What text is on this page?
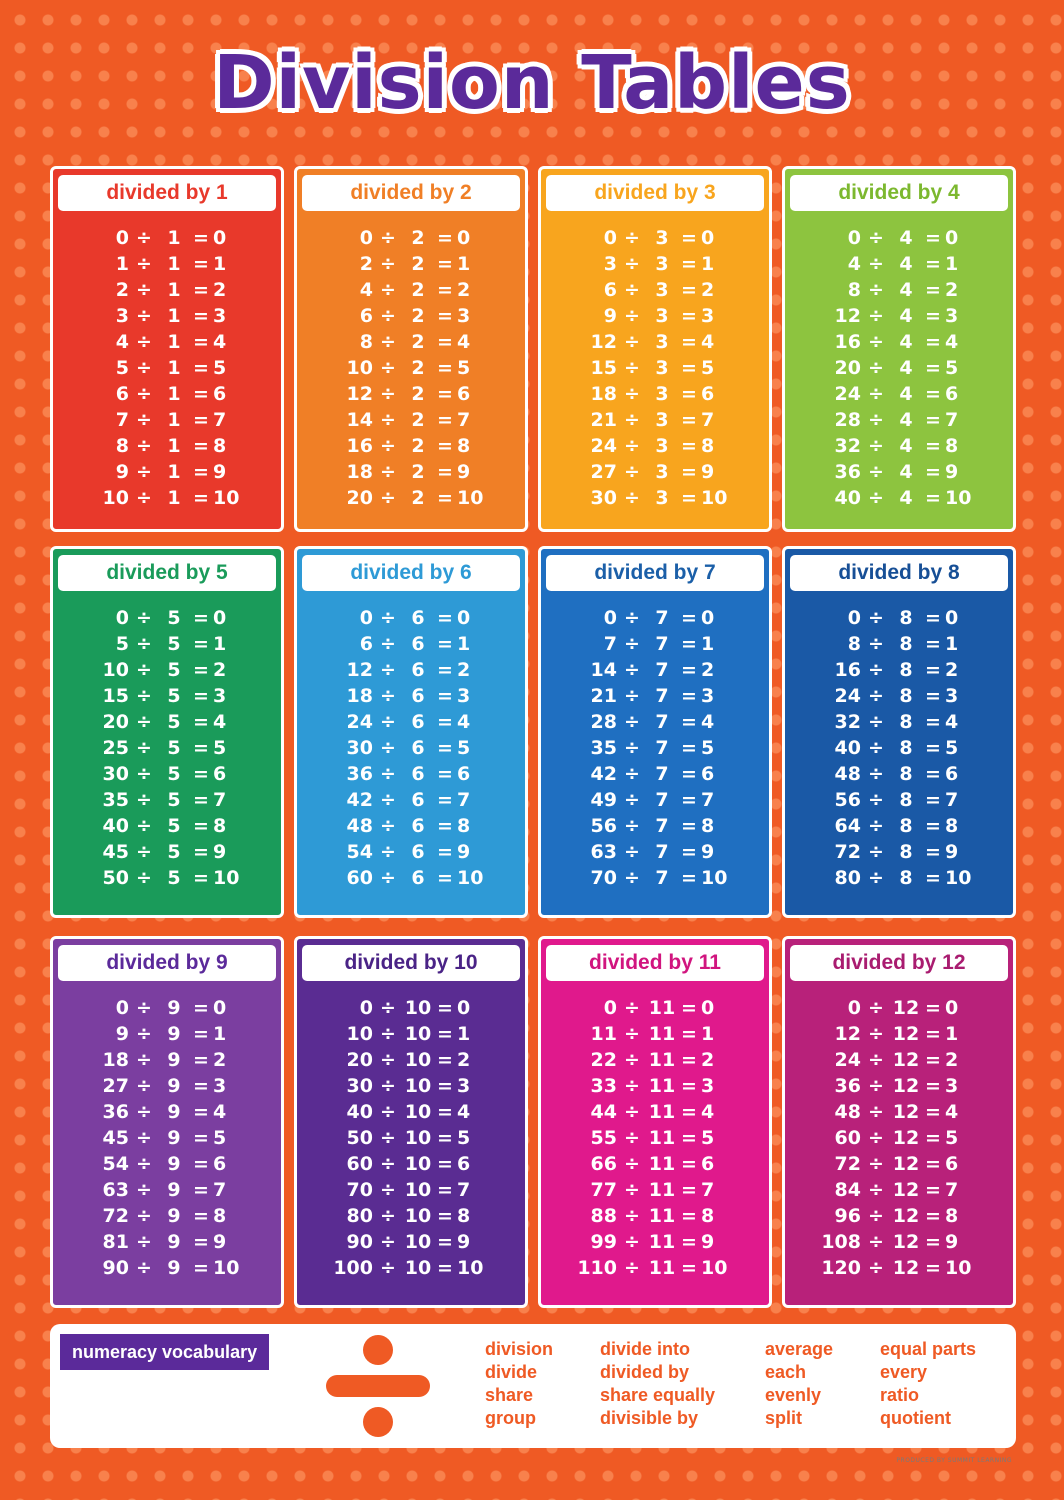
Division Tables
divided by 1
0 ÷ 1 = 0
1 ÷ 1 = 1
2 ÷ 1 = 2
3 ÷ 1 = 3
4 ÷ 1 = 4
5 ÷ 1 = 5
6 ÷ 1 = 6
7 ÷ 1 = 7
8 ÷ 1 = 8
9 ÷ 1 = 9
10 ÷ 1 = 10
divided by 2
0 ÷ 2 = 0
2 ÷ 2 = 1
4 ÷ 2 = 2
6 ÷ 2 = 3
8 ÷ 2 = 4
10 ÷ 2 = 5
12 ÷ 2 = 6
14 ÷ 2 = 7
16 ÷ 2 = 8
18 ÷ 2 = 9
20 ÷ 2 = 10
divided by 3
0 ÷ 3 = 0
3 ÷ 3 = 1
6 ÷ 3 = 2
9 ÷ 3 = 3
12 ÷ 3 = 4
15 ÷ 3 = 5
18 ÷ 3 = 6
21 ÷ 3 = 7
24 ÷ 3 = 8
27 ÷ 3 = 9
30 ÷ 3 = 10
divided by 4
0 ÷ 4 = 0
4 ÷ 4 = 1
8 ÷ 4 = 2
12 ÷ 4 = 3
16 ÷ 4 = 4
20 ÷ 4 = 5
24 ÷ 4 = 6
28 ÷ 4 = 7
32 ÷ 4 = 8
36 ÷ 4 = 9
40 ÷ 4 = 10
divided by 5
0 ÷ 5 = 0
5 ÷ 5 = 1
10 ÷ 5 = 2
15 ÷ 5 = 3
20 ÷ 5 = 4
25 ÷ 5 = 5
30 ÷ 5 = 6
35 ÷ 5 = 7
40 ÷ 5 = 8
45 ÷ 5 = 9
50 ÷ 5 = 10
divided by 6
0 ÷ 6 = 0
6 ÷ 6 = 1
12 ÷ 6 = 2
18 ÷ 6 = 3
24 ÷ 6 = 4
30 ÷ 6 = 5
36 ÷ 6 = 6
42 ÷ 6 = 7
48 ÷ 6 = 8
54 ÷ 6 = 9
60 ÷ 6 = 10
divided by 7
0 ÷ 7 = 0
7 ÷ 7 = 1
14 ÷ 7 = 2
21 ÷ 7 = 3
28 ÷ 7 = 4
35 ÷ 7 = 5
42 ÷ 7 = 6
49 ÷ 7 = 7
56 ÷ 7 = 8
63 ÷ 7 = 9
70 ÷ 7 = 10
divided by 8
0 ÷ 8 = 0
8 ÷ 8 = 1
16 ÷ 8 = 2
24 ÷ 8 = 3
32 ÷ 8 = 4
40 ÷ 8 = 5
48 ÷ 8 = 6
56 ÷ 8 = 7
64 ÷ 8 = 8
72 ÷ 8 = 9
80 ÷ 8 = 10
divided by 9
0 ÷ 9 = 0
9 ÷ 9 = 1
18 ÷ 9 = 2
27 ÷ 9 = 3
36 ÷ 9 = 4
45 ÷ 9 = 5
54 ÷ 9 = 6
63 ÷ 9 = 7
72 ÷ 9 = 8
81 ÷ 9 = 9
90 ÷ 9 = 10
divided by 10
0 ÷ 10 = 0
10 ÷ 10 = 1
20 ÷ 10 = 2
30 ÷ 10 = 3
40 ÷ 10 = 4
50 ÷ 10 = 5
60 ÷ 10 = 6
70 ÷ 10 = 7
80 ÷ 10 = 8
90 ÷ 10 = 9
100 ÷ 10 = 10
divided by 11
0 ÷ 11 = 0
11 ÷ 11 = 1
22 ÷ 11 = 2
33 ÷ 11 = 3
44 ÷ 11 = 4
55 ÷ 11 = 5
66 ÷ 11 = 6
77 ÷ 11 = 7
88 ÷ 11 = 8
99 ÷ 11 = 9
110 ÷ 11 = 10
divided by 12
0 ÷ 12 = 0
12 ÷ 12 = 1
24 ÷ 12 = 2
36 ÷ 12 = 3
48 ÷ 12 = 4
60 ÷ 12 = 5
72 ÷ 12 = 6
84 ÷ 12 = 7
96 ÷ 12 = 8
108 ÷ 12 = 9
120 ÷ 12 = 10
numeracy vocabulary	division
divide
share
group
divide into
divided by
share equally
divisible by
average
each
evenly
split
equal parts
every
ratio
quotient
PRODUCED BY SUMMIT LEARNING
